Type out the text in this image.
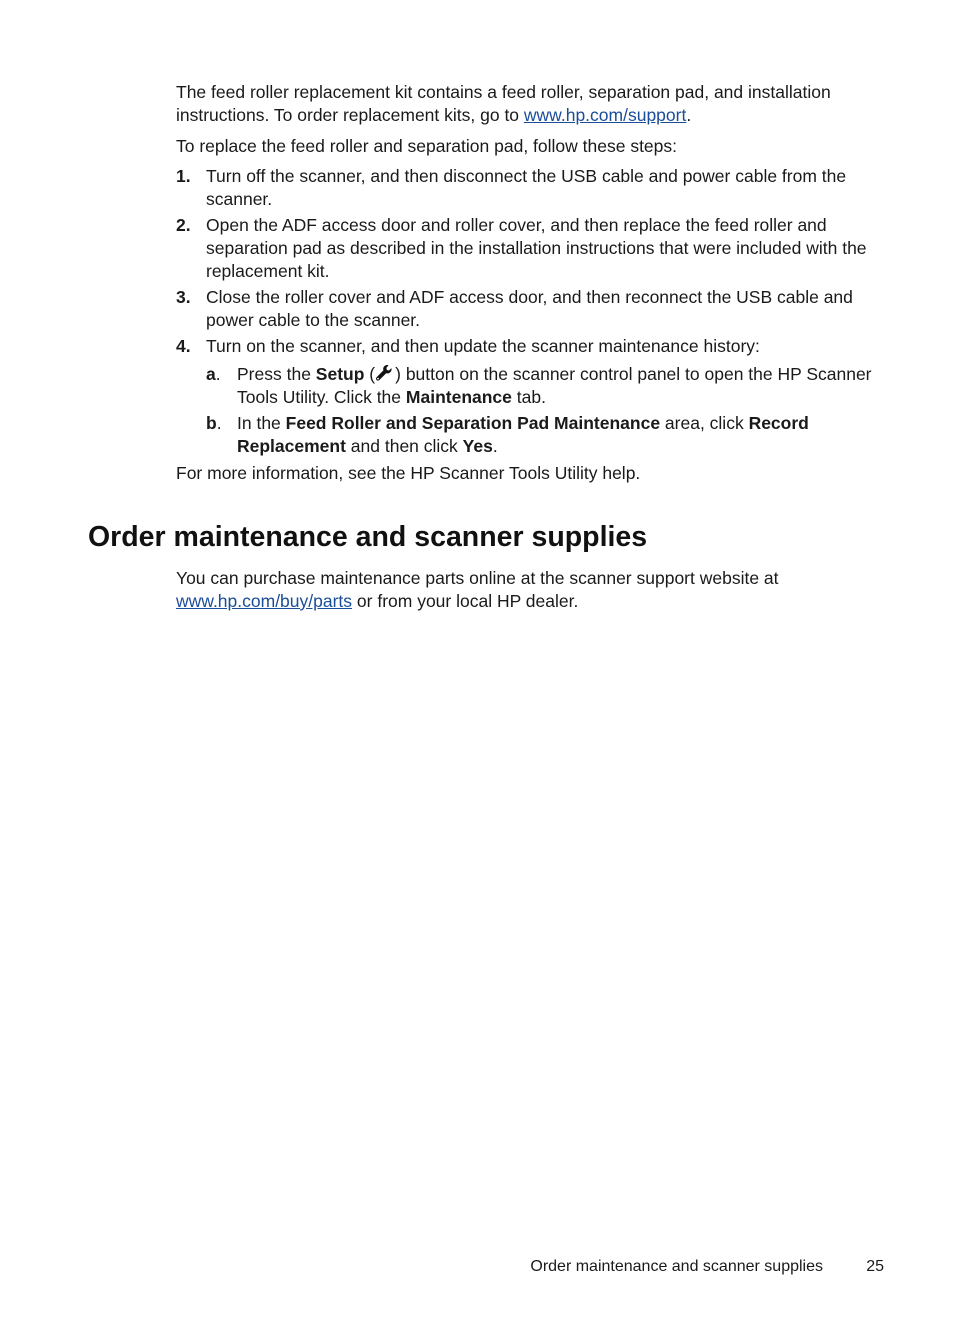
The feed roller replacement kit contains a feed roller, separation pad, and installation instructions. To order replacement kits, go to www.hp.com/support.

To replace the feed roller and separation pad, follow these steps:

1. Turn off the scanner, and then disconnect the USB cable and power cable from the scanner.
2. Open the ADF access door and roller cover, and then replace the feed roller and separation pad as described in the installation instructions that were included with the replacement kit.
3. Close the roller cover and ADF access door, and then reconnect the USB cable and power cable to the scanner.
4. Turn on the scanner, and then update the scanner maintenance history:
a. Press the Setup ( ) button on the scanner control panel to open the HP Scanner Tools Utility. Click the Maintenance tab.
b. In the Feed Roller and Separation Pad Maintenance area, click Record Replacement and then click Yes.

For more information, see the HP Scanner Tools Utility help.

Order maintenance and scanner supplies

You can purchase maintenance parts online at the scanner support website at www.hp.com/buy/parts or from your local HP dealer.

Order maintenance and scanner supplies	25
